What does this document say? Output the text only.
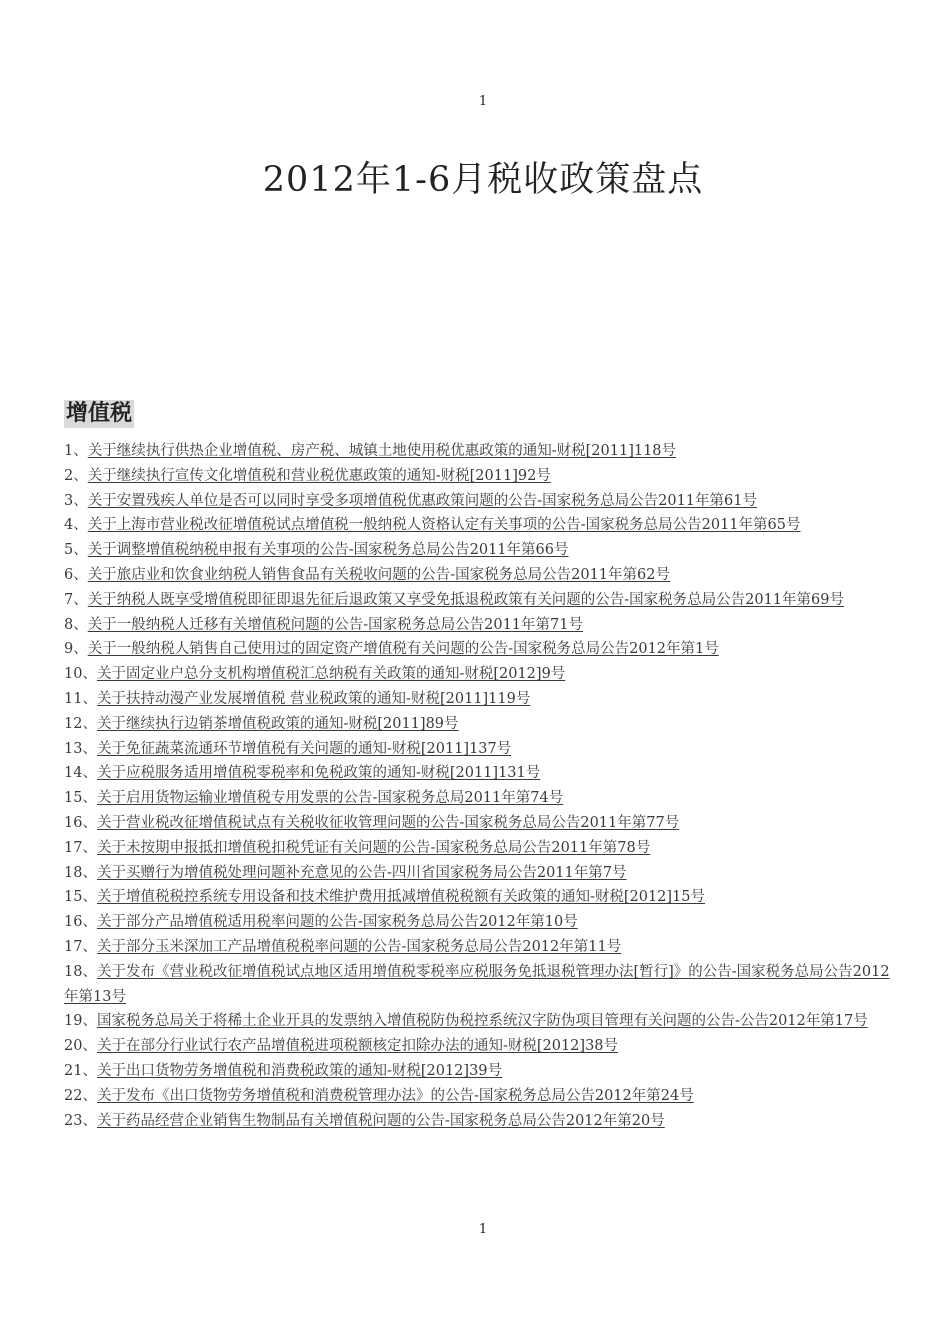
1
2012年1-6月税收政策盘点
增值税
1、关于继续执行供热企业增值税、房产税、城镇土地使用税优惠政策的通知-财税[2011]118号
2、关于继续执行宣传文化增值税和营业税优惠政策的通知-财税[2011]92号
3、关于安置残疾人单位是否可以同时享受多项增值税优惠政策问题的公告-国家税务总局公告2011年第61号
4、关于上海市营业税改征增值税试点增值税一般纳税人资格认定有关事项的公告-国家税务总局公告2011年第65号
5、关于调整增值税纳税申报有关事项的公告-国家税务总局公告2011年第66号
6、关于旅店业和饮食业纳税人销售食品有关税收问题的公告-国家税务总局公告2011年第62号
7、关于纳税人既享受增值税即征即退先征后退政策又享受免抵退税政策有关问题的公告-国家税务总局公告2011年第69号
8、关于一般纳税人迁移有关增值税问题的公告-国家税务总局公告2011年第71号
9、关于一般纳税人销售自己使用过的固定资产增值税有关问题的公告-国家税务总局公告2012年第1号
10、关于固定业户总分支机构增值税汇总纳税有关政策的通知-财税[2012]9号
11、关于扶持动漫产业发展增值税 营业税政策的通知-财税[2011]119号
12、关于继续执行边销茶增值税政策的通知-财税[2011]89号
13、关于免征蔬菜流通环节增值税有关问题的通知-财税[2011]137号
14、关于应税服务适用增值税零税率和免税政策的通知-财税[2011]131号
15、关于启用货物运输业增值税专用发票的公告-国家税务总局2011年第74号
16、关于营业税改征增值税试点有关税收征收管理问题的公告-国家税务总局公告2011年第77号
17、关于未按期申报抵扣增值税扣税凭证有关问题的公告-国家税务总局公告2011年第78号
18、关于买赠行为增值税处理问题补充意见的公告-四川省国家税务局公告2011年第7号
15、关于增值税税控系统专用设备和技术维护费用抵减增值税税额有关政策的通知-财税[2012]15号
16、关于部分产品增值税适用税率问题的公告-国家税务总局公告2012年第10号
17、关于部分玉米深加工产品增值税税率问题的公告-国家税务总局公告2012年第11号
18、关于发布《营业税改征增值税试点地区适用增值税零税率应税服务免抵退税管理办法[暂行]》的公告-国家税务总局公告2012年第13号
19、国家税务总局关于将稀土企业开具的发票纳入增值税防伪税控系统汉字防伪项目管理有关问题的公告-公告2012年第17号
20、关于在部分行业试行农产品增值税进项税额核定扣除办法的通知-财税[2012]38号
21、关于出口货物劳务增值税和消费税政策的通知-财税[2012]39号
22、关于发布《出口货物劳务增值税和消费税管理办法》的公告-国家税务总局公告2012年第24号
23、关于药品经营企业销售生物制品有关增值税问题的公告-国家税务总局公告2012年第20号
1
